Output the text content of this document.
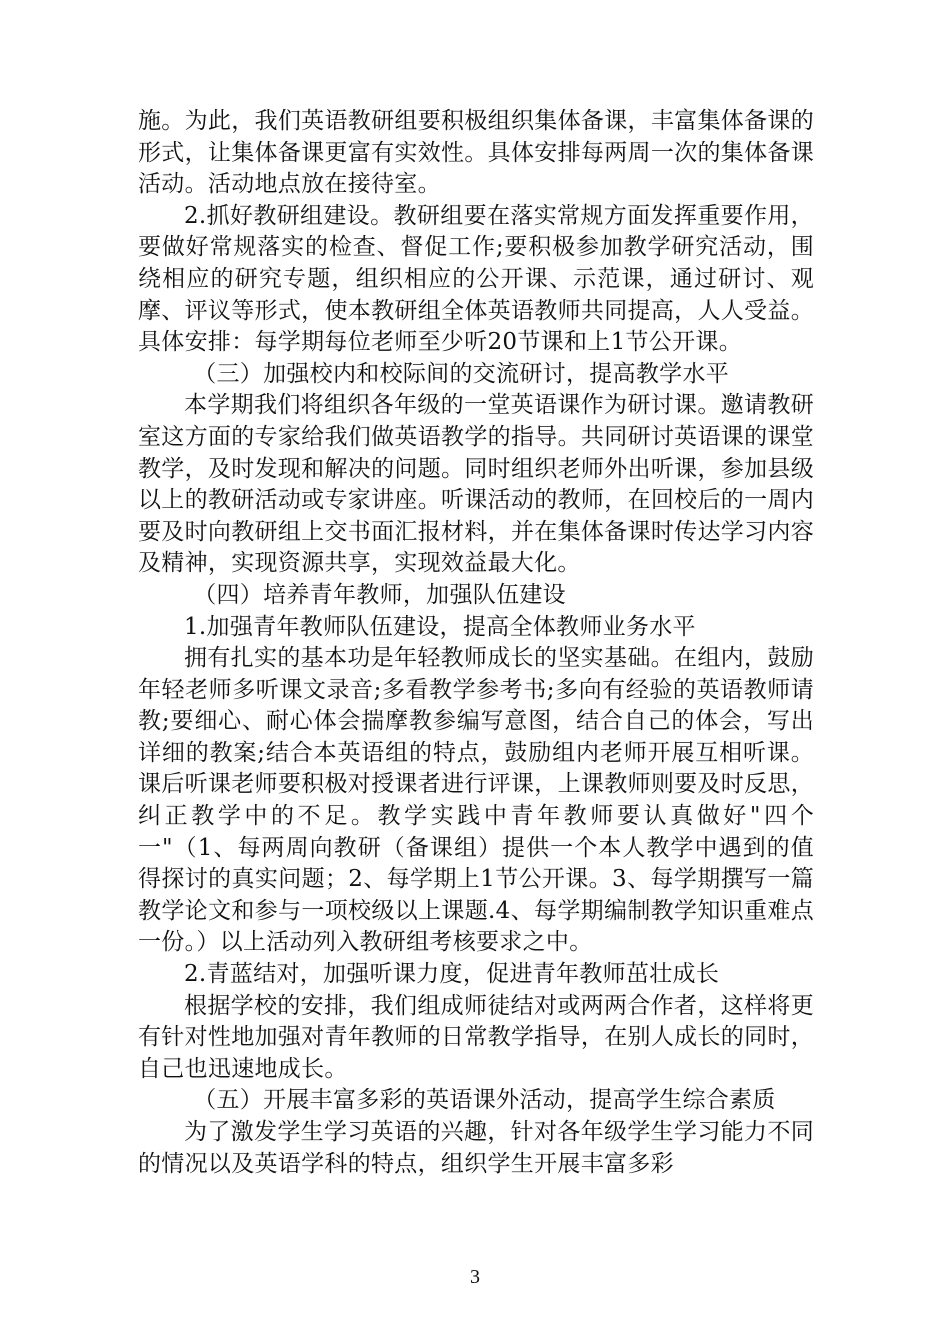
施。为此，我们英语教研组要积极组织集体备课，丰富集体备课的形式，让集体备课更富有实效性。具体安排每两周一次的集体备课活动。活动地点放在接待室。

2.抓好教研组建设。教研组要在落实常规方面发挥重要作用，要做好常规落实的检查、督促工作;要积极参加教学研究活动，围绕相应的研究专题，组织相应的公开课、示范课，通过研讨、观摩、评议等形式，使本教研组全体英语教师共同提高，人人受益。具体安排：每学期每位老师至少听20节课和上1节公开课。

（三）加强校内和校际间的交流研讨，提高教学水平

本学期我们将组织各年级的一堂英语课作为研讨课。邀请教研室这方面的专家给我们做英语教学的指导。共同研讨英语课的课堂教学，及时发现和解决的问题。同时组织老师外出听课，参加县级以上的教研活动或专家讲座。听课活动的教师，在回校后的一周内要及时向教研组上交书面汇报材料，并在集体备课时传达学习内容及精神，实现资源共享，实现效益最大化。

（四）培养青年教师，加强队伍建设

1.加强青年教师队伍建设，提高全体教师业务水平

拥有扎实的基本功是年轻教师成长的坚实基础。在组内，鼓励年轻老师多听课文录音;多看教学参考书;多向有经验的英语教师请教;要细心、耐心体会揣摩教参编写意图，结合自己的体会，写出详细的教案;结合本英语组的特点，鼓励组内老师开展互相听课。课后听课老师要积极对授课者进行评课，上课教师则要及时反思，纠正教学中的不足。教学实践中青年教师要认真做好"四个一"（1、每两周向教研（备课组）提供一个本人教学中遇到的值得探讨的真实问题；2、每学期上1节公开课。3、每学期撰写一篇教学论文和参与一项校级以上课题.4、每学期编制教学知识重难点一份。）以上活动列入教研组考核要求之中。

2.青蓝结对，加强听课力度，促进青年教师茁壮成长

根据学校的安排，我们组成师徒结对或两两合作者，这样将更有针对性地加强对青年教师的日常教学指导，在别人成长的同时，自己也迅速地成长。

（五）开展丰富多彩的英语课外活动，提高学生综合素质

为了激发学生学习英语的兴趣，针对各年级学生学习能力不同的情况以及英语学科的特点，组织学生开展丰富多彩

3
